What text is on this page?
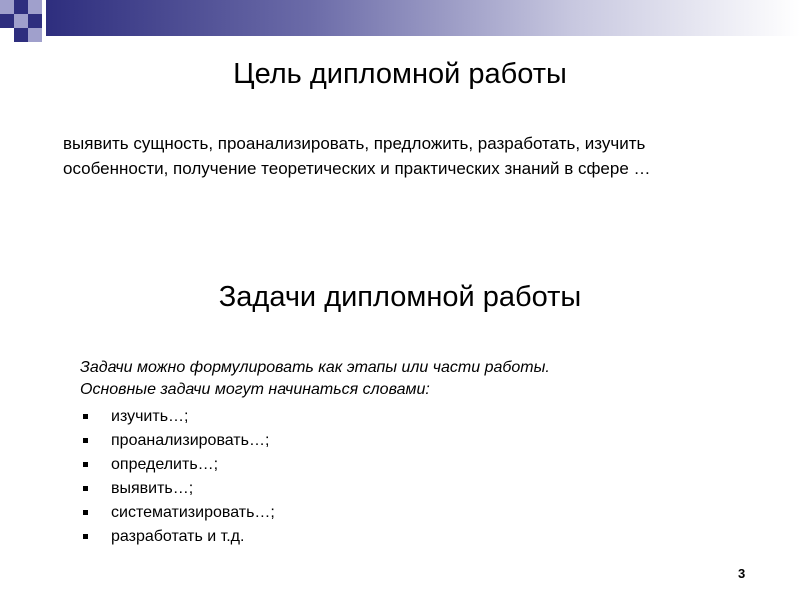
Цель дипломной работы
выявить сущность, проанализировать, предложить, разработать, изучить
особенности, получение теоретических и практических знаний в сфере …
Задачи дипломной работы
Задачи можно формулировать как этапы или части работы.
Основные задачи могут начинаться словами:
изучить…;
проанализировать…;
определить…;
выявить…;
систематизировать…;
разработать и т.д.
3
